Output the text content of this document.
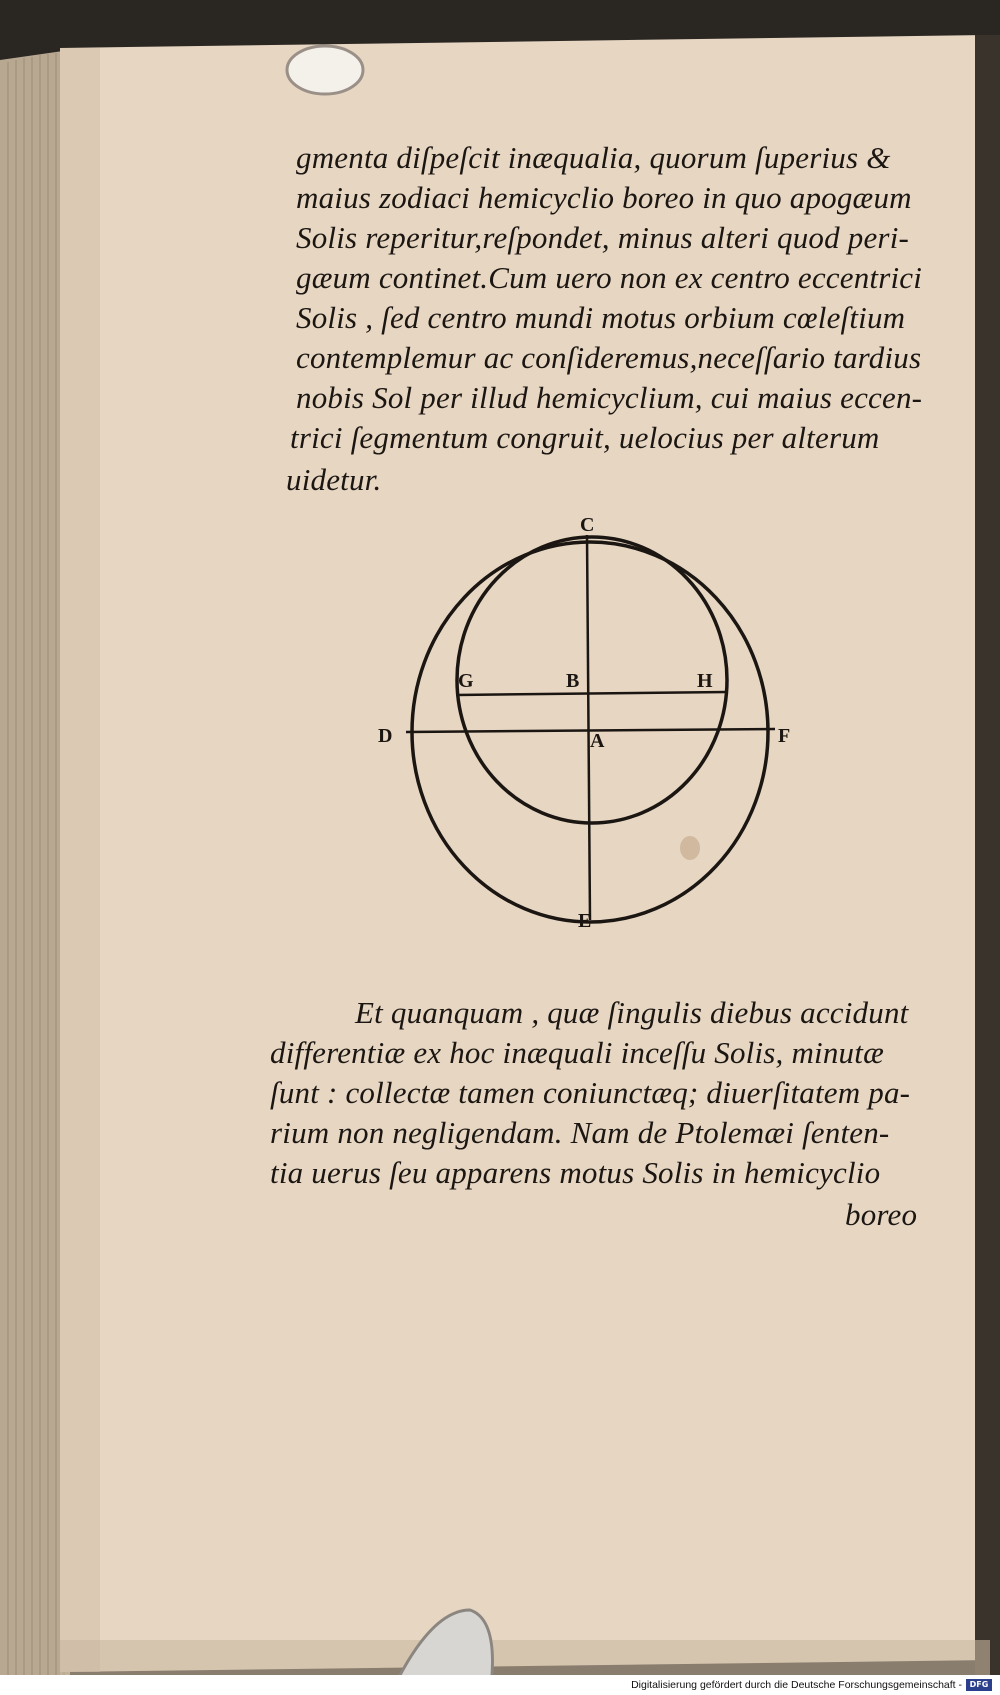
gmenta diſpeſcit inæqualia, quorum ſuperius &
maius zodiaci hemicyclio boreo in quo apogæum
Solis reperitur,reſpondet, minus alteri quod peri-
gæum continet.Cum uero non ex centro eccentrici
Solis , ſed centro mundi motus orbium cœleſtium
contemplemur ac conſideremus,neceſſario tardius
nobis Sol per illud hemicyclium, cui maius eccen-
trici ſegmentum congruit, uelocius per alterum
uidetur.
C
G	B	H
D	A	F
E
Et quanquam , quæ ſingulis diebus accidunt
differentiæ ex hoc inæquali inceſſu Solis, minutæ
ſunt : collectæ tamen coniunctæq; diuerſitatem pa-
rium non negligendam. Nam de Ptolemæi ſenten-
tia uerus ſeu apparens motus Solis in hemicyclio
boreo
Digitalisierung gefördert durch die Deutsche Forschungsgemeinschaft - DFG
